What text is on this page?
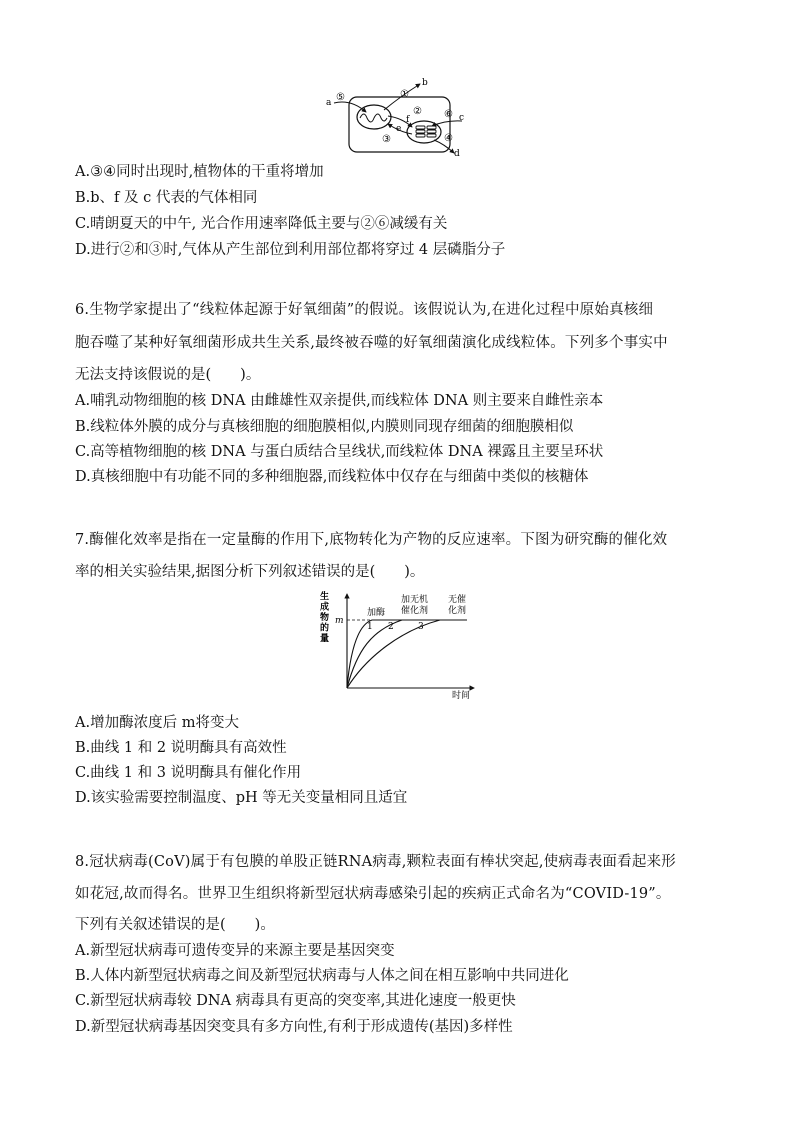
a ⑤
b
①
②
f	⑥ c
e
③	④
d
A.③④同时出现时,植物体的干重将增加
B.b、f 及 c 代表的气体相同
C.晴朗夏天的中午, 光合作用速率降低主要与②⑥减缓有关
D.进行②和③时,气体从产生部位到利用部位都将穿过 4 层磷脂分子
6.生物学家提出了“线粒体起源于好氧细菌”的假说。该假说认为,在进化过程中原始真核细
胞吞噬了某种好氧细菌形成共生关系,最终被吞噬的好氧细菌演化成线粒体。下列多个事实中
无法支持该假说的是(　　)。
A.哺乳动物细胞的核 DNA 由雌雄性双亲提供,而线粒体 DNA 则主要来自雌性亲本
B.线粒体外膜的成分与真核细胞的细胞膜相似,内膜则同现存细菌的细胞膜相似
C.高等植物细胞的核 DNA 与蛋白质结合呈线状,而线粒体 DNA 裸露且主要呈环状
D.真核细胞中有功能不同的多种细胞器,而线粒体中仅存在与细菌中类似的核糖体
7.酶催化效率是指在一定量酶的作用下,底物转化为产物的反应速率。下图为研究酶的催化效
率的相关实验结果,据图分析下列叙述错误的是(　　)。
生
成
物
的
量
m
1 2	3
加酶
加无机
催化剂
无催
化剂
时间
A.增加酶浓度后 m将变大
B.曲线 1 和 2 说明酶具有高效性
C.曲线 1 和 3 说明酶具有催化作用
D.该实验需要控制温度、pH 等无关变量相同且适宜
8.冠状病毒(CoV)属于有包膜的单股正链RNA病毒,颗粒表面有棒状突起,使病毒表面看起来形
如花冠,故而得名。世界卫生组织将新型冠状病毒感染引起的疾病正式命名为“COVID-19”。
下列有关叙述错误的是(　　)。
A.新型冠状病毒可遗传变异的来源主要是基因突变
B.人体内新型冠状病毒之间及新型冠状病毒与人体之间在相互影响中共同进化
C.新型冠状病毒较 DNA 病毒具有更高的突变率,其进化速度一般更快
D.新型冠状病毒基因突变具有多方向性,有利于形成遗传(基因)多样性
